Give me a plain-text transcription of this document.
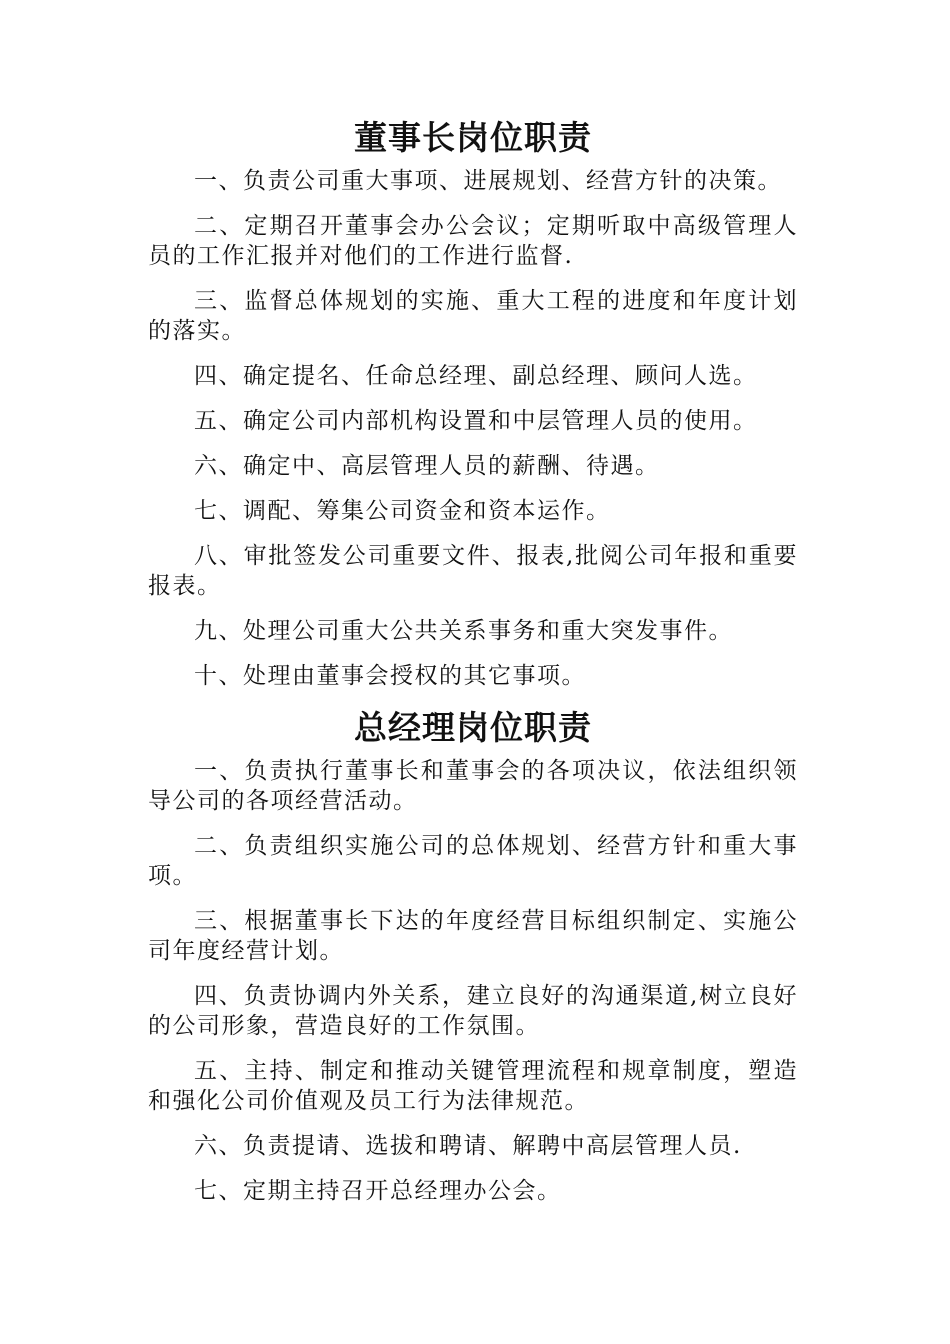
董事长岗位职责

一、负责公司重大事项、进展规划、经营方针的决策。

二、定期召开董事会办公会议；定期听取中高级管理人员的工作汇报并对他们的工作进行监督.

三、监督总体规划的实施、重大工程的进度和年度计划的落实。

四、确定提名、任命总经理、副总经理、顾问人选。

五、确定公司内部机构设置和中层管理人员的使用。

六、确定中、高层管理人员的薪酬、待遇。

七、调配、筹集公司资金和资本运作。

八、审批签发公司重要文件、报表,批阅公司年报和重要报表。

九、处理公司重大公共关系事务和重大突发事件。

十、处理由董事会授权的其它事项。

总经理岗位职责

一、负责执行董事长和董事会的各项决议，依法组织领导公司的各项经营活动。

二、负责组织实施公司的总体规划、经营方针和重大事项。

三、根据董事长下达的年度经营目标组织制定、实施公司年度经营计划。

四、负责协调内外关系，建立良好的沟通渠道,树立良好的公司形象，营造良好的工作氛围。

五、主持、制定和推动关键管理流程和规章制度，塑造和强化公司价值观及员工行为法律规范。

六、负责提请、选拔和聘请、解聘中高层管理人员.

七、定期主持召开总经理办公会。
